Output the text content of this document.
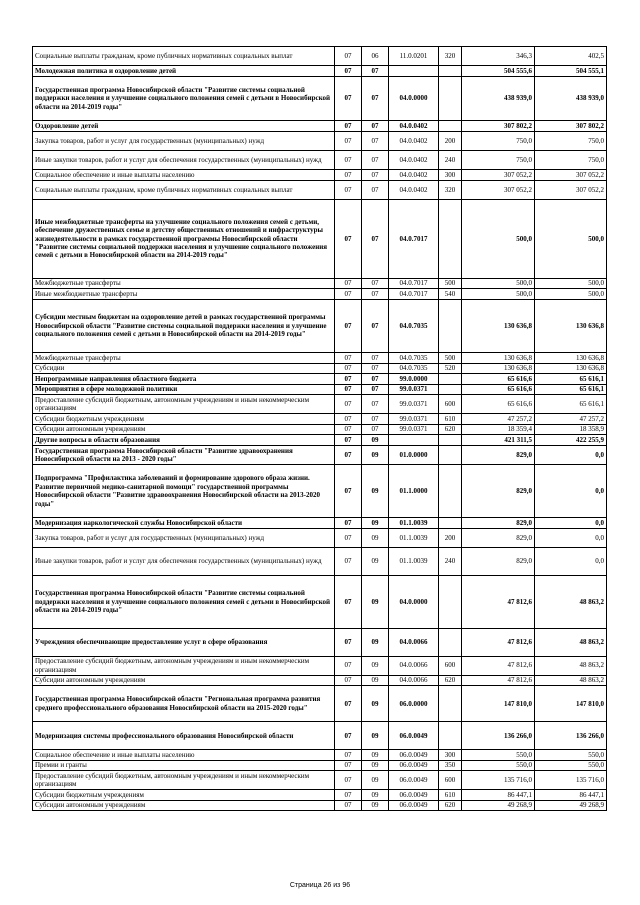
Социальные выплаты гражданам, кроме публичных нормативных социальных выплат	07	06	11.0.0201	320	346,3	402,5
Молодежная политика и оздоровление детей	07	07			504 555,6	504 555,1
Государственная программа Новосибирской области "Развитие системы социальной поддержки населения и улучшение социального положения семей с детьми в Новосибирской области на 2014-2019 годы"	07	07	04.0.0000		438 939,0	438 939,0
Оздоровление детей	07	07	04.0.0402		307 802,2	307 802,2
Закупка товаров, работ и услуг для государственных (муниципальных) нужд	07	07	04.0.0402	200	750,0	750,0
Иные закупки товаров, работ и услуг для обеспечения государственных (муниципальных) нужд	07	07	04.0.0402	240	750,0	750,0
Социальное обеспечение и иные выплаты населению	07	07	04.0.0402	300	307 052,2	307 052,2
Социальные выплаты гражданам, кроме публичных нормативных социальных выплат	07	07	04.0.0402	320	307 052,2	307 052,2
Иные межбюджетные трансферты на улучшение социального положения семей с детьми, обеспечение дружественных семье и детству общественных отношений и инфраструктуры жизнедеятельности в рамках государственной программы Новосибирской области "Развитие системы социальной поддержки населения и улучшение социального положения семей с детьми в Новосибирской области на 2014-2019 годы"	07	07	04.0.7017		500,0	500,0
Межбюджетные трансферты	07	07	04.0.7017	500	500,0	500,0
Иные межбюджетные трансферты	07	07	04.0.7017	540	500,0	500,0
Субсидии местным бюджетам на оздоровление детей в рамках государственной программы Новосибирской области "Развитие системы социальной поддержки населения и улучшение социального положения семей с детьми в Новосибирской области на 2014-2019 годы"	07	07	04.0.7035		130 636,8	130 636,8
Межбюджетные трансферты	07	07	04.0.7035	500	130 636,8	130 636,8
Субсидии	07	07	04.0.7035	520	130 636,8	130 636,8
Непрограммные направления областного бюджета	07	07	99.0.0000		65 616,6	65 616,1
Мероприятия в сфере молодежной политики	07	07	99.0.0371		65 616,6	65 616,1
Предоставление субсидий бюджетным, автономным учреждениям и иным некоммерческим организациям	07	07	99.0.0371	600	65 616,6	65 616,1
Субсидии бюджетным учреждениям	07	07	99.0.0371	610	47 257,2	47 257,2
Субсидии автономным учреждениям	07	07	99.0.0371	620	18 359,4	18 358,9
Другие вопросы в области образования	07	09			421 311,5	422 255,9
Государственная программа Новосибирской области "Развитие здравоохранения Новосибирской области на 2013 - 2020 годы"	07	09	01.0.0000		829,0	0,0
Подпрограмма "Профилактика заболеваний и формирование здорового образа жизни. Развитие первичной медико-санитарной помощи" государственной программы Новосибирской области "Развитие здравоохранения Новосибирской области на 2013-2020 годы"	07	09	01.1.0000		829,0	0,0
Модернизация наркологической службы Новосибирской области	07	09	01.1.0039		829,0	0,0
Закупка товаров, работ и услуг для государственных (муниципальных) нужд	07	09	01.1.0039	200	829,0	0,0
Иные закупки товаров, работ и услуг для обеспечения государственных (муниципальных) нужд	07	09	01.1.0039	240	829,0	0,0
Государственная программа Новосибирской области "Развитие системы социальной поддержки населения и улучшение социального положения семей с детьми в Новосибирской области на 2014-2019 годы"	07	09	04.0.0000		47 812,6	48 863,2
Учреждения обеспечивающие предоставление услуг в сфере образования	07	09	04.0.0066		47 812,6	48 863,2
Предоставление субсидий бюджетным, автономным учреждениям и иным некоммерческим организациям	07	09	04.0.0066	600	47 812,6	48 863,2
Субсидии автономным учреждениям	07	09	04.0.0066	620	47 812,6	48 863,2
Государственная программа Новосибирской области "Региональная программа развития среднего профессионального образования Новосибирской области на 2015-2020 годы"	07	09	06.0.0000		147 810,0	147 810,0
Модернизация системы профессионального образования Новосибирской области	07	09	06.0.0049		136 266,0	136 266,0
Социальное обеспечение и иные выплаты населению	07	09	06.0.0049	300	550,0	550,0
Премии и гранты	07	09	06.0.0049	350	550,0	550,0
Предоставление субсидий бюджетным, автономным учреждениям и иным некоммерческим организациям	07	09	06.0.0049	600	135 716,0	135 716,0
Субсидии бюджетным учреждениям	07	09	06.0.0049	610	86 447,1	86 447,1
Субсидии автономным учреждениям	07	09	06.0.0049	620	49 268,9	49 268,9
Страница 26 из 96
